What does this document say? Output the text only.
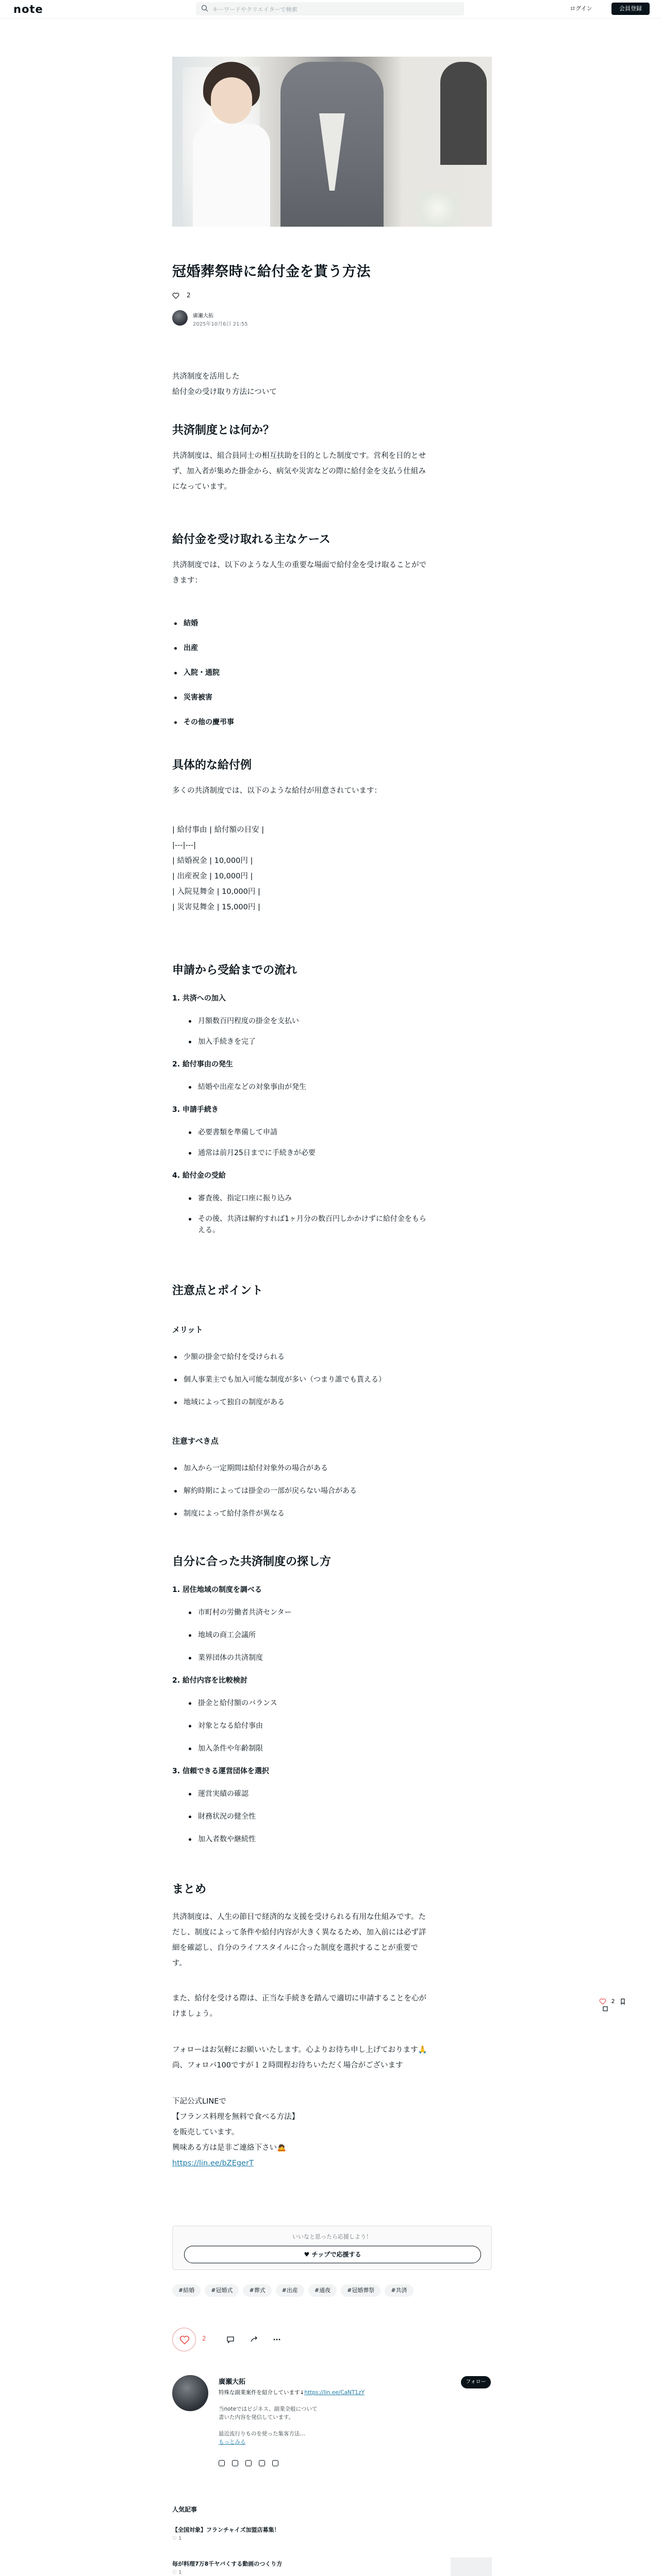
note	キーワードやクリエイターで検索	ログイン	会員登録
冠婚葬祭時に給付金を貰う方法
2
廣瀬大拓
2025年10月6日 21:55
共済制度を活用した
給付金の受け取り方法について
共済制度とは何か？
共済制度は、組合員同士の相互扶助を目的とした制度です。営利を目的とせ
ず、加入者が集めた掛金から、病気や災害などの際に給付金を支払う仕組み
になっています。
給付金を受け取れる主なケース
共済制度では、以下のような人生の重要な場面で給付金を受け取ることがで
きます：
結婚
出産
入院・通院
災害被害
その他の慶弔事
具体的な給付例
多くの共済制度では、以下のような給付が用意されています：
| 給付事由 | 給付額の目安 |
|---|---|
| 結婚祝金 | 10,000円 |
| 出産祝金 | 10,000円 |
| 入院見舞金 | 10,000円 |
| 災害見舞金 | 15,000円 |
申請から受給までの流れ
1. 共済への加入
月額数百円程度の掛金を支払い
加入手続きを完了
2. 給付事由の発生
結婚や出産などの対象事由が発生
3. 申請手続き
必要書類を準備して申請
通常は前月25日までに手続きが必要
4. 給付金の受給
審査後、指定口座に振り込み
その後、共済は解約すれば1ヶ月分の数百円しかかけずに給付金をもら
える。
注意点とポイント
メリット
少額の掛金で給付を受けられる
個人事業主でも加入可能な制度が多い（つまり誰でも貰える）
地域によって独自の制度がある
注意すべき点
加入から一定期間は給付対象外の場合がある
解約時期によっては掛金の一部が戻らない場合がある
制度によって給付条件が異なる
自分に合った共済制度の探し方
1. 居住地域の制度を調べる
市町村の労働者共済センター
地域の商工会議所
業界団体の共済制度
2. 給付内容を比較検討
掛金と給付額のバランス
対象となる給付事由
加入条件や年齢制限
3. 信頼できる運営団体を選択
運営実績の確認
財務状況の健全性
加入者数や継続性
まとめ
共済制度は、人生の節目で経済的な支援を受けられる有用な仕組みです。た
だし、制度によって条件や給付内容が大きく異なるため、加入前には必ず詳
細を確認し、自分のライフスタイルに合った制度を選択することが重要で
す。
また、給付を受ける際は、正当な手続きを踏んで適切に申請することを心が
けましょう。
フォローはお気軽にお願いいたします。心よりお待ち申し上げております🙏
尚、フォロバ100ですが１２時間程お待ちいただく場合がございます
下記公式LINEで
【フランス料理を無料で食べる方法】
を販売しています。
興味ある方は是非ご連絡下さい🙇
https://lin.ee/bZEgerT
2
いいなと思ったら応援しよう！
♥ チップで応援する
#結婚	#冠婚式	#葬式	#出産	#通夜	#冠婚葬祭	#共済
2
廣瀬大拓
特殊な副業案件を紹介しています↓https://lin.ee/CaNT1zY
当noteではビジネス、副業全般について
書いた内容を発信しています。
最近流行りものを使った集客方法…
もっとみる
フォロー
人気記事
【全国対象】フランチャイズ加盟店募集！
♡ 1
毎が料理7万8千ヤバくする動画のつくり方
♡ 1
